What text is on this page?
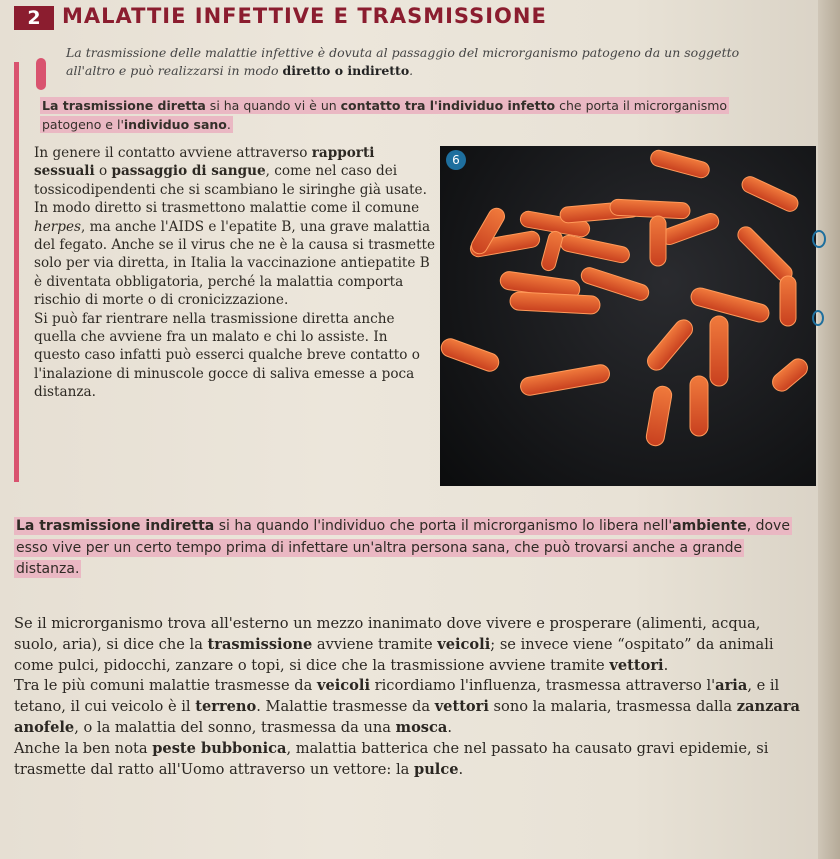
2	MALATTIE INFETTIVE E TRASMISSIONE
La trasmissione delle malattie infettive è dovuta al passaggio del microrganismo patogeno da un soggetto all'altro e può realizzarsi in modo diretto o indiretto.
La trasmissione diretta si ha quando vi è un contatto tra l'individuo infetto che porta il microrganismo patogeno e l'individuo sano.

In genere il contatto avviene attraverso rapporti sessuali o passaggio di sangue, come nel caso dei tossicodipendenti che si scambiano le siringhe già usate. In modo diretto si trasmettono malattie come il comune herpes, ma anche l'AIDS e l'epatite B, una grave malattia del fegato. Anche se il virus che ne è la causa si trasmette solo per via diretta, in Italia la vaccinazione antiepatite B è diventata obbligatoria, perché la malattia comporta rischio di morte o di cronicizzazione.

Si può far rientrare nella trasmissione diretta anche quella che avviene fra un malato e chi lo assiste. In questo caso infatti può esserci qualche breve contatto o l'inalazione di minuscole gocce di saliva emesse a poca distanza.

6
La trasmissione indiretta si ha quando l'individuo che porta il microrganismo lo libera nell'ambiente, dove esso vive per un certo tempo prima di infettare un'altra persona sana, che può trovarsi anche a grande distanza.

Se il microrganismo trova all'esterno un mezzo inanimato dove vivere e prosperare (alimenti, acqua, suolo, aria), si dice che la trasmissione avviene tramite veicoli; se invece viene “ospitato” da animali come pulci, pidocchi, zanzare o topi, si dice che la trasmissione avviene tramite vettori.

Tra le più comuni malattie trasmesse da veicoli ricordiamo l'influenza, trasmessa attraverso l'aria, e il tetano, il cui veicolo è il terreno. Malattie trasmesse da vettori sono la malaria, trasmessa dalla zanzara anofele, o la malattia del sonno, trasmessa da una mosca.

Anche la ben nota peste bubbonica, malattia batterica che nel passato ha causato gravi epidemie, si trasmette dal ratto all'Uomo attraverso un vettore: la pulce.
